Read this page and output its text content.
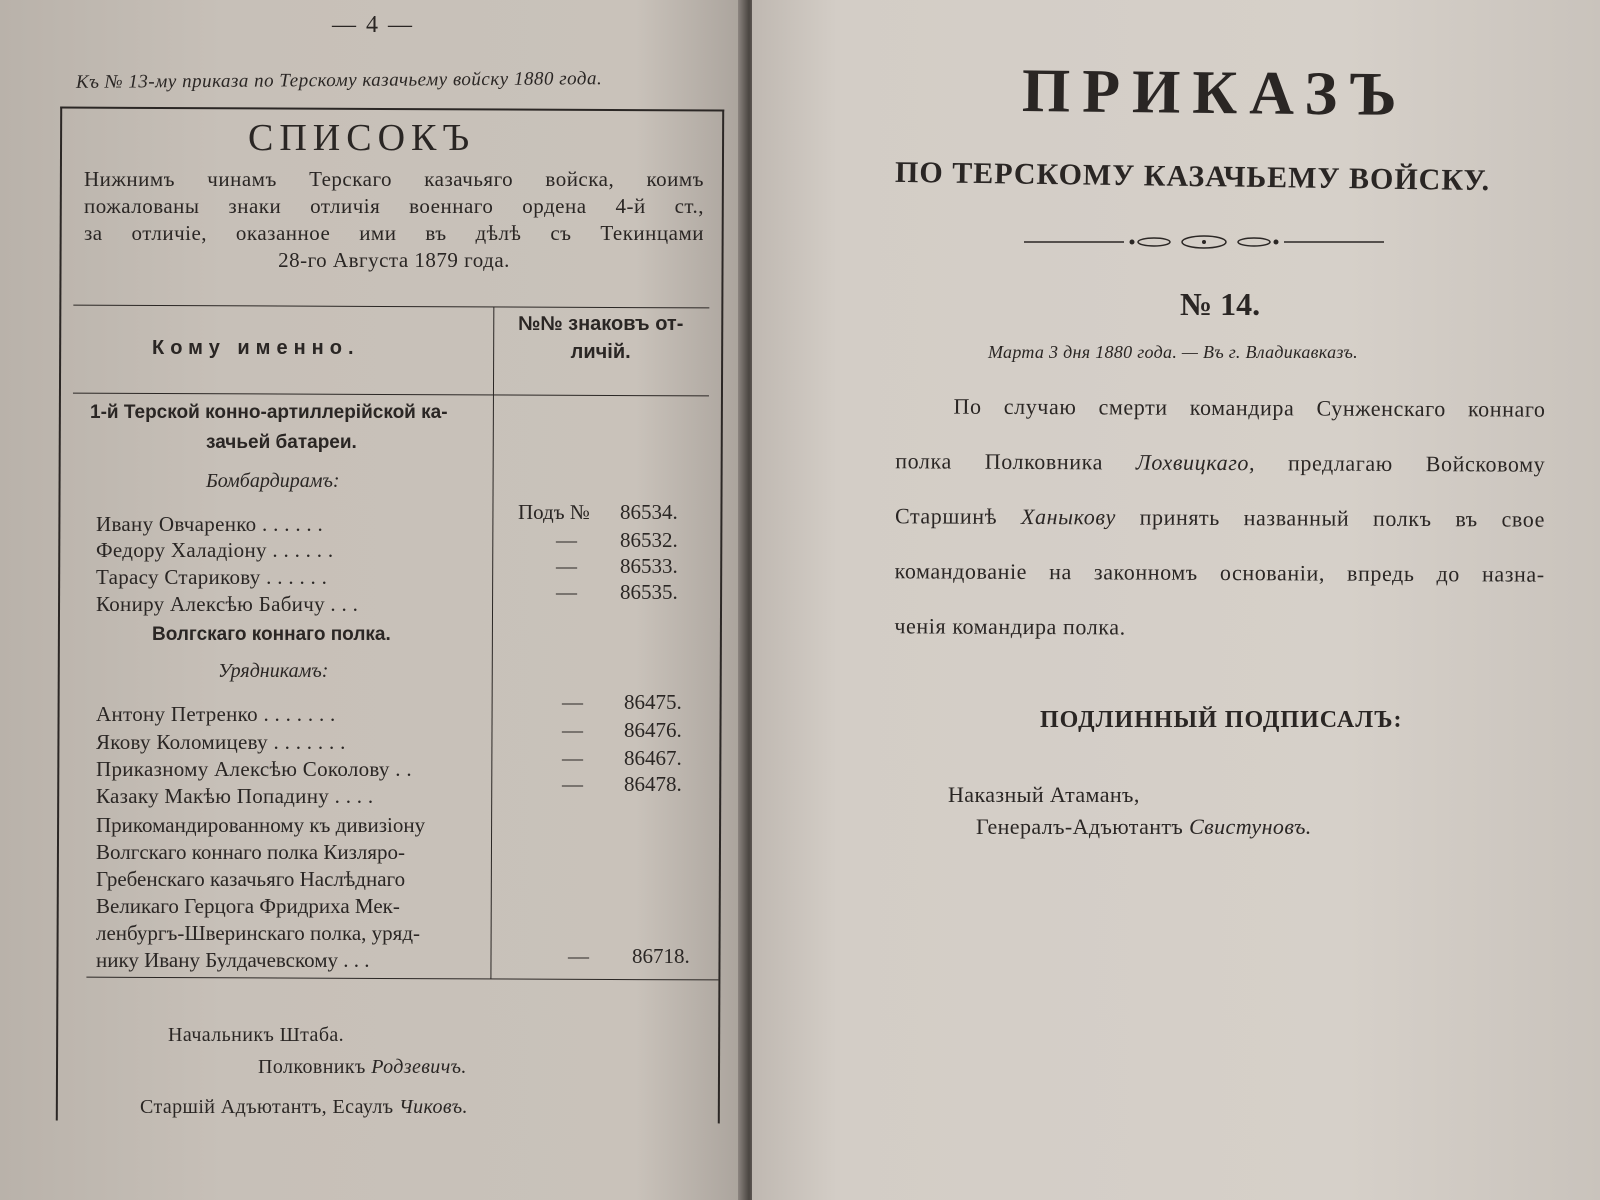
— 4 —
Къ № 13-му приказа по Терскому казачьему войску 1880 года.
СПИСОКЪ
Нижнимъ чинамъ Терскаго казачьяго войска, коимъ
пожалованы знаки отличія военнаго ордена 4-й ст.,
за отличіе, оказанное ими въ дѣлѣ съ Текинцами
28-го Августа 1879 года.
Кому именно.
№№ знаковъ от-
личій.
1-й Терской конно-артиллерійской ка-
зачьей батареи.
Бомбардирамъ:
Ивану Овчаренко . . . . . .	Подъ № 86534.
Федору Халадіону . . . . . .	— 86532.
Тарасу Старикову . . . . . .	— 86533.
Кониру Алексѣю Бабичу . . .	— 86535.
Волгскаго коннаго полка.
Урядникамъ:
Антону Петренко . . . . . . .	— 86475.
Якову Коломицеву . . . . . . .	— 86476.
Приказному Алексѣю Соколову . .	— 86467.
Казаку Макѣю Попадину . . . .	— 86478.
Прикомандированному къ дивизіону
Волгскаго коннаго полка Кизляро-
Гребенскаго казачьяго Наслѣднаго
Великаго Герцога Фридриха Мек-
ленбургъ-Шверинскаго полка, уряд-
нику Ивану Булдачевскому . . .	— 86718.
Начальникъ Штаба.
Полковникъ Родзевичъ.
Старшій Адъютантъ, Есаулъ Чиковъ.
ПРИКАЗЪ
ПО ТЕРСКОМУ КАЗАЧЬЕМУ ВОЙСКУ.
№ 14.
Марта 3 дня 1880 года. — Въ г. Владикавказъ.
По случаю смерти командира Сунженскаго коннаго
полка Полковника Лохвицкаго, предлагаю Войсковому
Старшинѣ Ханыкову принять названный полкъ въ свое
командованіе на законномъ основаніи, впредь до назна-
ченія командира полка.
ПОДЛИННЫЙ ПОДПИСАЛЪ:
Наказный Атаманъ,
Генералъ-Адъютантъ Свистуновъ.
